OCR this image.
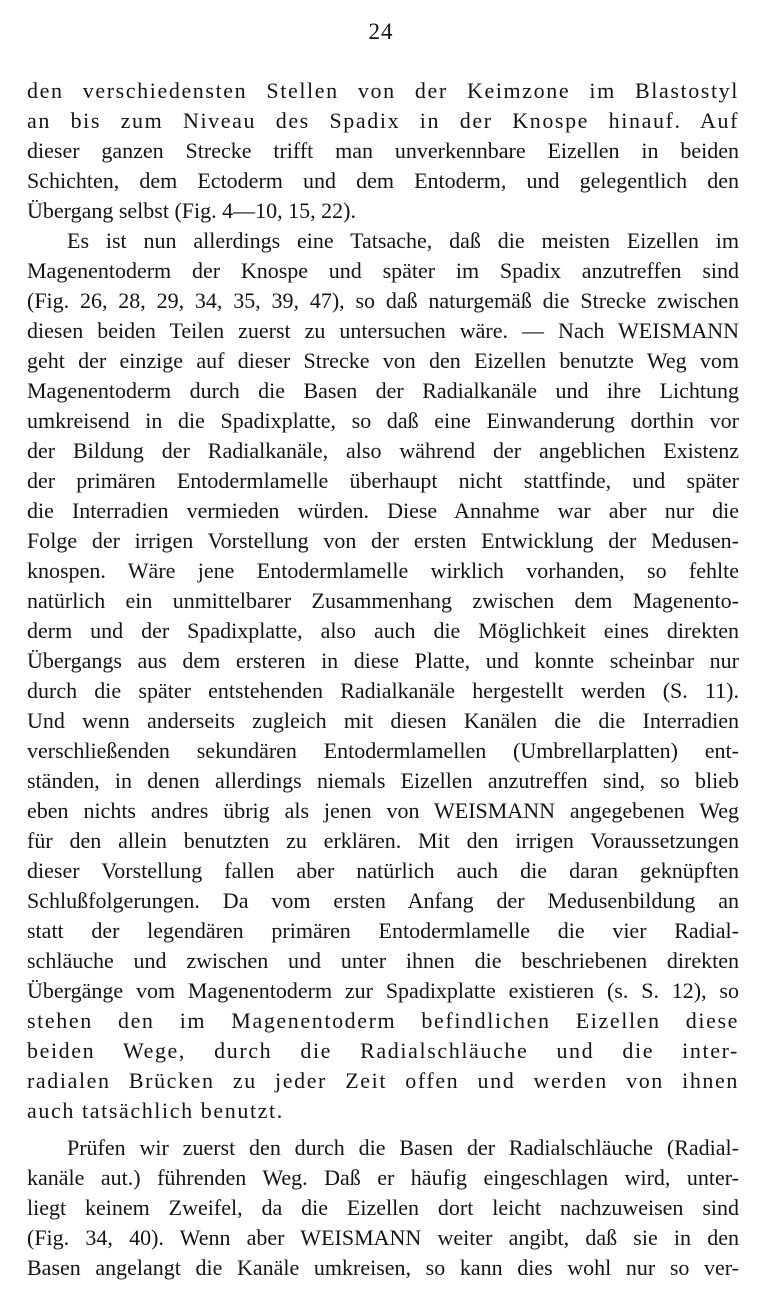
24
den verschiedensten Stellen von der Keimzone im Blastostyl
an bis zum Niveau des Spadix in der Knospe hinauf. Auf
dieser ganzen Strecke trifft man unverkennbare Eizellen in beiden
Schichten, dem Ectoderm und dem Entoderm, und gelegentlich den
Übergang selbst (Fig. 4—10, 15, 22).
Es ist nun allerdings eine Tatsache, daß die meisten Eizellen im
Magenentoderm der Knospe und später im Spadix anzutreffen sind
(Fig. 26, 28, 29, 34, 35, 39, 47), so daß naturgemäß die Strecke zwischen
diesen beiden Teilen zuerst zu untersuchen wäre. — Nach WEISMANN
geht der einzige auf dieser Strecke von den Eizellen benutzte Weg vom
Magenentoderm durch die Basen der Radialkanäle und ihre Lichtung
umkreisend in die Spadixplatte, so daß eine Einwanderung dorthin vor
der Bildung der Radialkanäle, also während der angeblichen Existenz
der primären Entodermlamelle überhaupt nicht stattfinde, und später
die Interradien vermieden würden. Diese Annahme war aber nur die
Folge der irrigen Vorstellung von der ersten Entwicklung der Medusen-
knospen. Wäre jene Entodermlamelle wirklich vorhanden, so fehlte
natürlich ein unmittelbarer Zusammenhang zwischen dem Magenento-
derm und der Spadixplatte, also auch die Möglichkeit eines direkten
Übergangs aus dem ersteren in diese Platte, und konnte scheinbar nur
durch die später entstehenden Radialkanäle hergestellt werden (S. 11).
Und wenn anderseits zugleich mit diesen Kanälen die die Interradien
verschließenden sekundären Entodermlamellen (Umbrellarplatten) ent-
ständen, in denen allerdings niemals Eizellen anzutreffen sind, so blieb
eben nichts andres übrig als jenen von WEISMANN angegebenen Weg
für den allein benutzten zu erklären. Mit den irrigen Voraussetzungen
dieser Vorstellung fallen aber natürlich auch die daran geknüpften
Schlußfolgerungen. Da vom ersten Anfang der Medusenbildung an
statt der legendären primären Entodermlamelle die vier Radial-
schläuche und zwischen und unter ihnen die beschriebenen direkten
Übergänge vom Magenentoderm zur Spadixplatte existieren (s. S. 12), so
stehen den im Magenentoderm befindlichen Eizellen diese
beiden Wege, durch die Radialschläuche und die inter-
radialen Brücken zu jeder Zeit offen und werden von ihnen
auch tatsächlich benutzt.
Prüfen wir zuerst den durch die Basen der Radialschläuche (Radial-
kanäle aut.) führenden Weg. Daß er häufig eingeschlagen wird, unter-
liegt keinem Zweifel, da die Eizellen dort leicht nachzuweisen sind
(Fig. 34, 40). Wenn aber WEISMANN weiter angibt, daß sie in den
Basen angelangt die Kanäle umkreisen, so kann dies wohl nur so ver-
